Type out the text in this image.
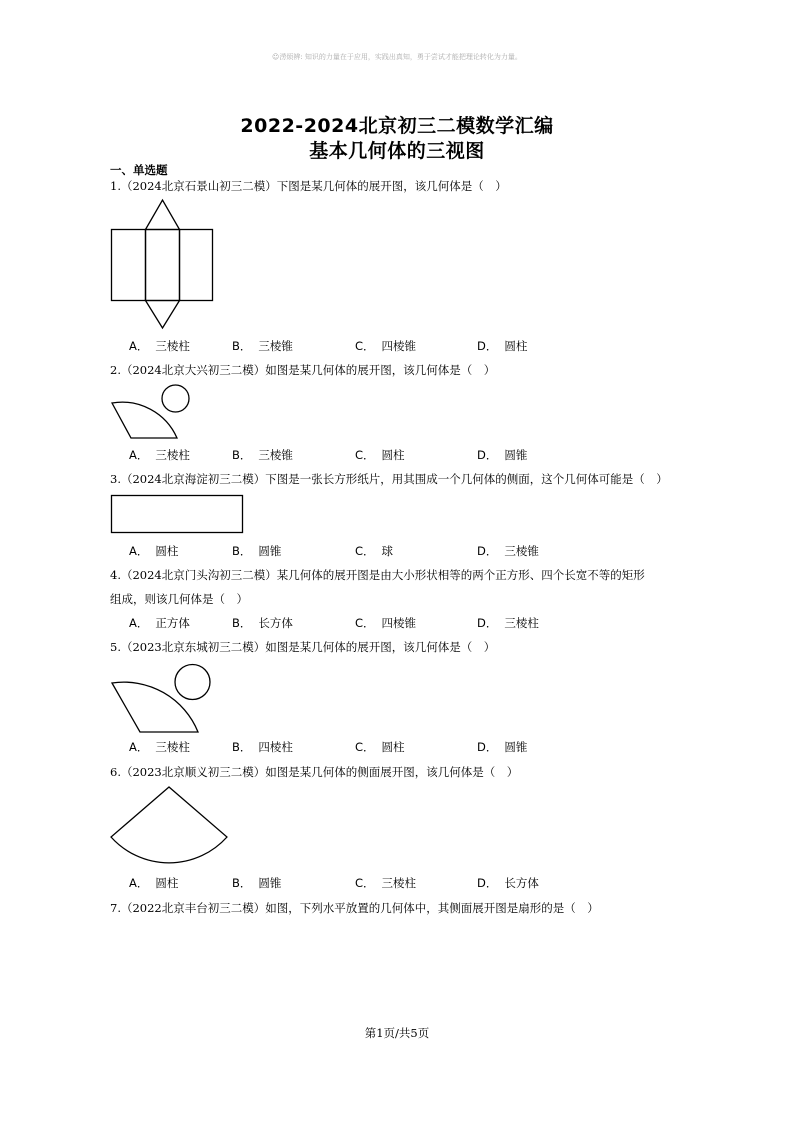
☺涝烦辨: 知识的力量在于应用，实践出真知，勇于尝试才能把理论转化为力量。
2022-2024北京初三二模数学汇编
基本几何体的三视图
一、单选题
1.（2024北京石景山初三二模）下图是某几何体的展开图，该几何体是（　）
A． 三棱柱	B． 三棱锥	C． 四棱锥	D． 圆柱
2.（2024北京大兴初三二模）如图是某几何体的展开图，该几何体是（　）
A． 三棱柱	B． 三棱锥	C． 圆柱	D． 圆锥
3.（2024北京海淀初三二模）下图是一张长方形纸片，用其围成一个几何体的侧面，这个几何体可能是（　）
A． 圆柱	B． 圆锥	C． 球	D． 三棱锥
4.（2024北京门头沟初三二模）某几何体的展开图是由大小形状相等的两个正方形、四个长宽不等的矩形
组成，则该几何体是（　）
A． 正方体	B． 长方体	C． 四棱锥	D． 三棱柱
5.（2023北京东城初三二模）如图是某几何体的展开图，该几何体是（　）
A． 三棱柱	B． 四棱柱	C． 圆柱	D． 圆锥
6.（2023北京顺义初三二模）如图是某几何体的侧面展开图，该几何体是（　）
A． 圆柱	B． 圆锥	C． 三棱柱	D． 长方体
7.（2022北京丰台初三二模）如图，下列水平放置的几何体中，其侧面展开图是扇形的是（　）
第1页/共5页
